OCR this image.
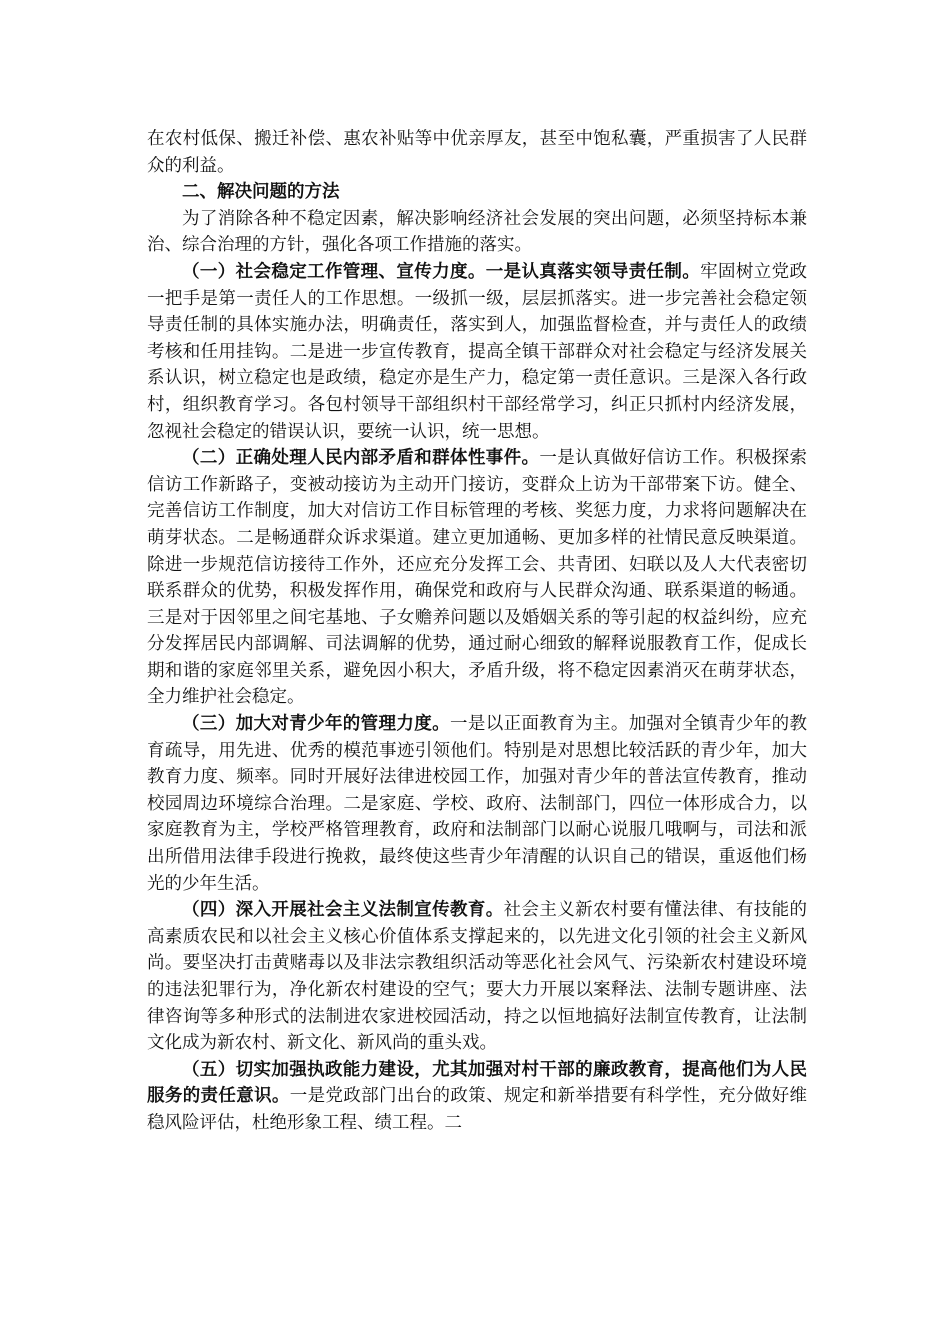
在农村低保、搬迁补偿、惠农补贴等中优亲厚友，甚至中饱私囊，严重损害了人民群众的利益。

二、解决问题的方法

为了消除各种不稳定因素，解决影响经济社会发展的突出问题，必须坚持标本兼治、综合治理的方针，强化各项工作措施的落实。

（一）社会稳定工作管理、宣传力度。一是认真落实领导责任制。牢固树立党政一把手是第一责任人的工作思想。一级抓一级，层层抓落实。进一步完善社会稳定领导责任制的具体实施办法，明确责任，落实到人，加强监督检查，并与责任人的政绩考核和任用挂钩。二是进一步宣传教育，提高全镇干部群众对社会稳定与经济发展关系认识，树立稳定也是政绩，稳定亦是生产力，稳定第一责任意识。三是深入各行政村，组织教育学习。各包村领导干部组织村干部经常学习，纠正只抓村内经济发展，忽视社会稳定的错误认识，要统一认识，统一思想。

（二）正确处理人民内部矛盾和群体性事件。一是认真做好信访工作。积极探索信访工作新路子，变被动接访为主动开门接访，变群众上访为干部带案下访。健全、完善信访工作制度，加大对信访工作目标管理的考核、奖惩力度，力求将问题解决在萌芽状态。二是畅通群众诉求渠道。建立更加通畅、更加多样的社情民意反映渠道。除进一步规范信访接待工作外，还应充分发挥工会、共青团、妇联以及人大代表密切联系群众的优势，积极发挥作用，确保党和政府与人民群众沟通、联系渠道的畅通。三是对于因邻里之间宅基地、子女赡养问题以及婚姻关系的等引起的权益纠纷，应充分发挥居民内部调解、司法调解的优势，通过耐心细致的解释说服教育工作，促成长期和谐的家庭邻里关系，避免因小积大，矛盾升级，将不稳定因素消灭在萌芽状态，全力维护社会稳定。

（三）加大对青少年的管理力度。一是以正面教育为主。加强对全镇青少年的教育疏导，用先进、优秀的模范事迹引领他们。特别是对思想比较活跃的青少年，加大教育力度、频率。同时开展好法律进校园工作，加强对青少年的普法宣传教育，推动校园周边环境综合治理。二是家庭、学校、政府、法制部门，四位一体形成合力，以家庭教育为主，学校严格管理教育，政府和法制部门以耐心说服几哦啊与，司法和派出所借用法律手段进行挽救，最终使这些青少年清醒的认识自己的错误，重返他们杨光的少年生活。

（四）深入开展社会主义法制宣传教育。社会主义新农村要有懂法律、有技能的高素质农民和以社会主义核心价值体系支撑起来的，以先进文化引领的社会主义新风尚。要坚决打击黄赌毒以及非法宗教组织活动等恶化社会风气、污染新农村建设环境的违法犯罪行为，净化新农村建设的空气；要大力开展以案释法、法制专题讲座、法律咨询等多种形式的法制进农家进校园活动，持之以恒地搞好法制宣传教育，让法制文化成为新农村、新文化、新风尚的重头戏。

（五）切实加强执政能力建设，尤其加强对村干部的廉政教育，提高他们为人民服务的责任意识。一是党政部门出台的政策、规定和新举措要有科学性，充分做好维稳风险评估，杜绝形象工程、绩工程。二
